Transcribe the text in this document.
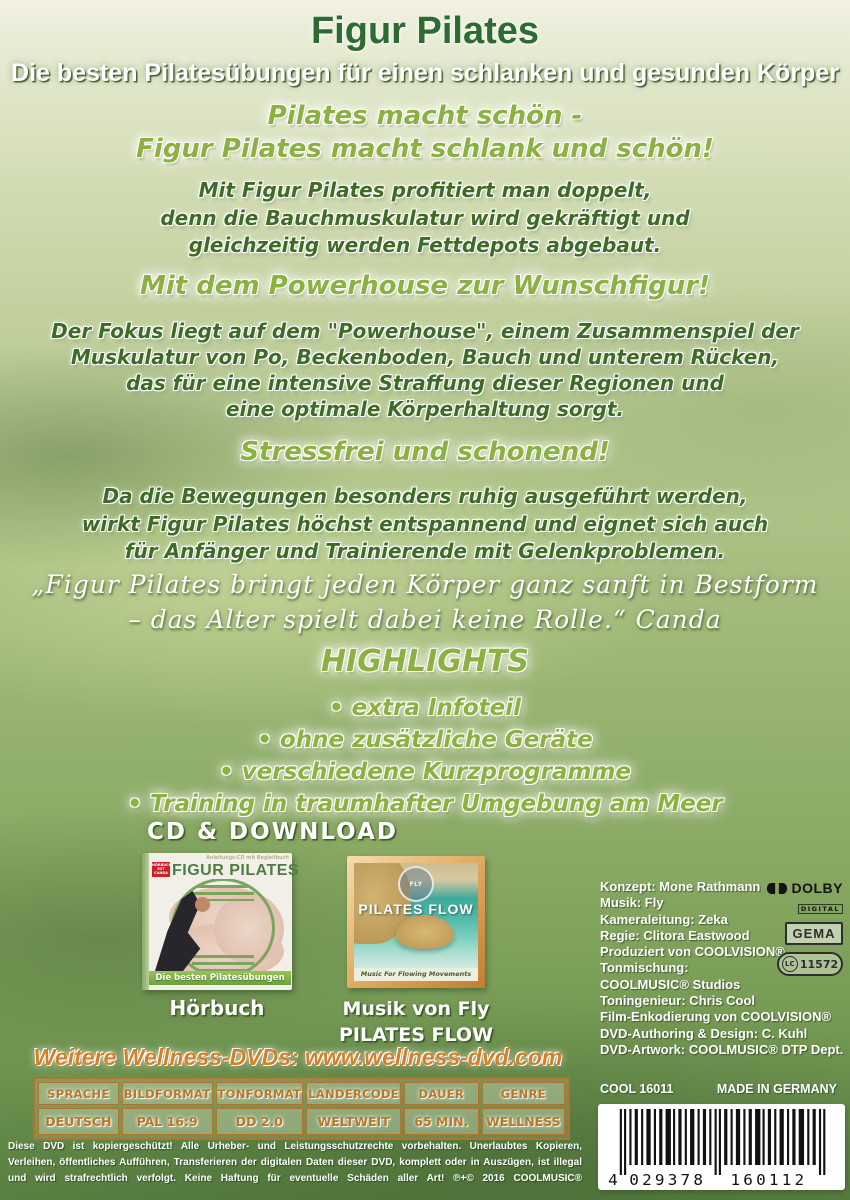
Figur Pilates
Die besten Pilatesübungen für einen schlanken und gesunden Körper
Pilates macht schön -
Figur Pilates macht schlank und schön!
Mit Figur Pilates profitiert man doppelt,
denn die Bauchmuskulatur wird gekräftigt und
gleichzeitig werden Fettdepots abgebaut.
Mit dem Powerhouse zur Wunschfigur!
Der Fokus liegt auf dem "Powerhouse", einem Zusammenspiel der
Muskulatur von Po, Beckenboden, Bauch und unterem Rücken,
das für eine intensive Straffung dieser Regionen und
eine optimale Körperhaltung sorgt.
Stressfrei und schonend!
Da die Bewegungen besonders ruhig ausgeführt werden,
wirkt Figur Pilates höchst entspannend und eignet sich auch
für Anfänger und Trainierende mit Gelenkproblemen.
„Figur Pilates bringt jeden Körper ganz sanft in Bestform
– das Alter spielt dabei keine Rolle.“ Canda
HIGHLIGHTS
• extra Infoteil
• ohne zusätzliche Geräte
• verschiedene Kurzprogramme
• Training in traumhafter Umgebung am Meer
CD & DOWNLOAD
Anleitungs-CD mit Begleitbuch
HÖRBUCH MIT CANDA FIGUR PILATES
Die besten Pilatesübungen
FLY
PILATES FLOW
Music For Flowing Movements
Hörbuch	Musik von Fly
PILATES FLOW
Konzept: Mone Rathmann
Musik: Fly
Kameraleitung: Zeka
Regie: Clitora Eastwood
Produziert von COOLVISION®
Tonmischung:
COOLMUSIC® Studios
Toningenieur: Chris Cool
Film-Enkodierung von COOLVISION®
DVD-Authoring & Design: C. Kuhl
DVD-Artwork: COOLMUSIC® DTP Dept.
DOLBY
DIGITAL
GEMA
LC 11572
Weitere Wellness-DVDs: www.wellness-dvd.com
SPRACHE	BILDFORMAT	TONFORMAT	LÄNDERCODE	DAUER	GENRE
DEUTSCH	PAL 16:9	DD 2.0	WELTWEIT	65 MIN.	WELLNESS
Diese DVD ist kopiergeschützt! Alle Urheber- und Leistungsschutzrechte vorbehalten. Unerlaubtes Kopieren,
Verleihen, öffentliches Aufführen, Transferieren der digitalen Daten dieser DVD, komplett oder in Auszügen, ist illegal
und wird strafrechtlich verfolgt. Keine Haftung für eventuelle Schäden aller Art! ℗+© 2016 COOLMUSIC®
COOL 16011	MADE IN GERMANY
4 029378 160112
